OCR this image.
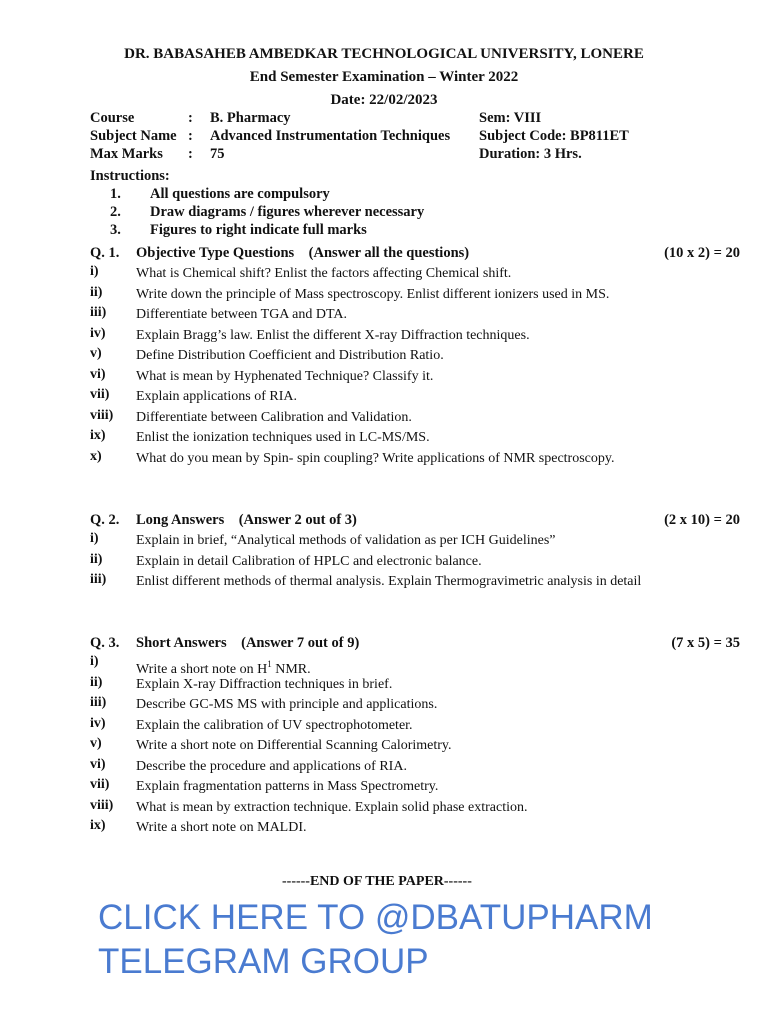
DR. BABASAHEB AMBEDKAR TECHNOLOGICAL UNIVERSITY, LONERE
End Semester Examination – Winter 2022
Date: 22/02/2023
Course	: B. Pharmacy	Sem: VIII
Subject Name : Advanced Instrumentation Techniques Subject Code: BP811ET
Max Marks : 75	Duration: 3 Hrs.
Instructions:
1. All questions are compulsory
2. Draw diagrams / figures wherever necessary
3. Figures to right indicate full marks
Q. 1. Objective Type Questions    (Answer all the questions)	(10 x 2) = 20
i)	What is Chemical shift? Enlist the factors affecting Chemical shift.
ii) Write down the principle of Mass spectroscopy. Enlist different ionizers used in MS.
iii) Differentiate between TGA and DTA.
iv) Explain Bragg’s law. Enlist the different X-ray Diffraction techniques.
v) Define Distribution Coefficient and Distribution Ratio.
vi) What is mean by Hyphenated Technique? Classify it.
vii) Explain applications of RIA.
viii) Differentiate between Calibration and Validation.
ix) Enlist the ionization techniques used in LC-MS/MS.
x) What do you mean by Spin- spin coupling? Write applications of NMR spectroscopy.
Q. 2. Long Answers    (Answer 2 out of 3)	(2 x 10) = 20
i)	Explain in brief, “Analytical methods of validation as per ICH Guidelines”
ii) Explain in detail Calibration of HPLC and electronic balance.
iii) Enlist different methods of thermal analysis. Explain Thermogravimetric analysis in detail
Q. 3. Short Answers    (Answer 7 out of 9)	(7 x 5) = 35
i)
Write a short note on $H^1$ NMR.
ii) Explain X-ray Diffraction techniques in brief.
iii) Describe GC-MS MS with principle and applications.
iv) Explain the calibration of UV spectrophotometer.
v) Write a short note on Differential Scanning Calorimetry.
vi) Describe the procedure and applications of RIA.
vii) Explain fragmentation patterns in Mass Spectrometry.
viii) What is mean by extraction technique. Explain solid phase extraction.
ix) Write a short note on MALDI.
------END OF THE PAPER------
CLICK HERE TO @DBATUPHARM
TELEGRAM GROUP
